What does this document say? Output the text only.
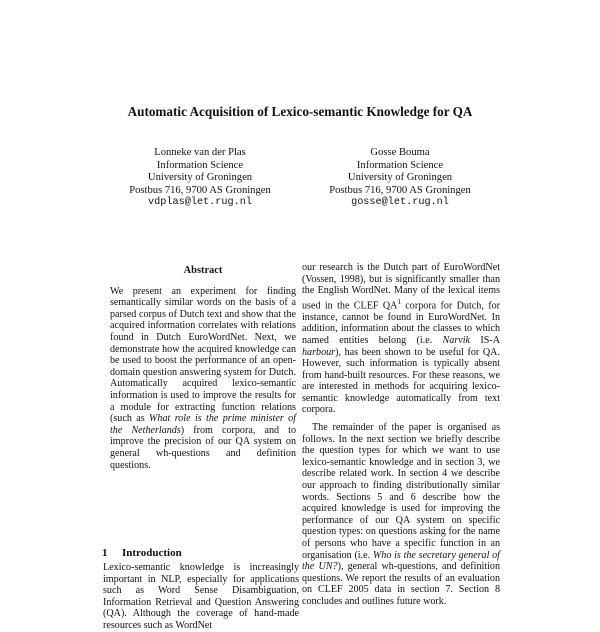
Automatic Acquisition of Lexico-semantic Knowledge for QA
Lonneke van der Plas
Information Science
University of Groningen
Postbus 716, 9700 AS Groningen
vdplas@let.rug.nl
Gosse Bouma
Information Science
University of Groningen
Postbus 716, 9700 AS Groningen
gosse@let.rug.nl
Abstract
We present an experiment for finding semantically similar words on the basis of a parsed corpus of Dutch text and show that the acquired information correlates with relations found in Dutch EuroWordNet. Next, we demonstrate how the acquired knowledge can be used to boost the performance of an open-domain question answering system for Dutch. Automatically acquired lexico-semantic information is used to improve the results for a module for extracting function relations (such as What role is the prime minister of the Netherlands) from corpora, and to improve the precision of our QA system on general wh-questions and definition questions.
1 Introduction
Lexico-semantic knowledge is increasingly important in NLP, especially for applications such as Word Sense Disambiguation, Information Retrieval and Question Answering (QA). Although the coverage of hand-made resources such as WordNet

our research is the Dutch part of EuroWordNet (Vossen, 1998), but is significantly smaller than the English WordNet. Many of the lexical items used in the CLEF $QA^1$ corpora for Dutch, for instance, cannot be found in EuroWordNet. In addition, information about the classes to which named entities belong (i.e. Narvik IS-A harbour), has been shown to be useful for QA. However, such information is typically absent from hand-built resources. For these reasons, we are interested in methods for acquiring lexico-semantic knowledge automatically from text corpora.

The remainder of the paper is organised as follows. In the next section we briefly describe the question types for which we want to use lexico-semantic knowledge and in section 3, we describe related work. In section 4 we describe our approach to finding distributionally similar words. Sections 5 and 6 describe how the acquired knowledge is used for improving the performance of our QA system on specific question types: on questions asking for the name of persons who have a specific function in an organisation (i.e. Who is the secretary general of the UN?), general wh-questions, and definition questions. We report the results of an evaluation on CLEF 2005 data in section 7. Section 8 concludes and outlines future work.
